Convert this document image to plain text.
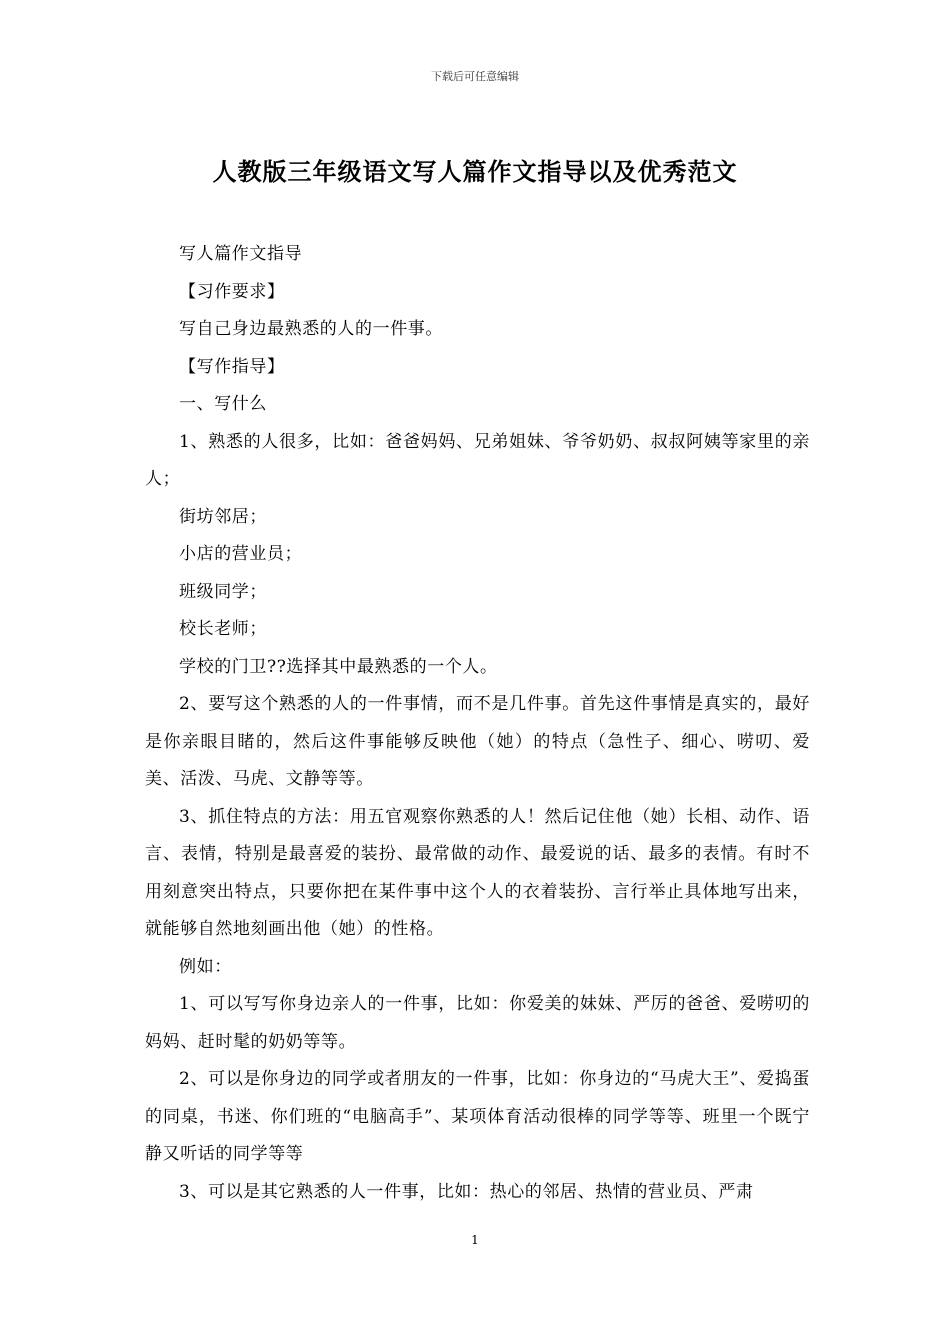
下载后可任意编辑
人教版三年级语文写人篇作文指导以及优秀范文

写人篇作文指导

【习作要求】

写自己身边最熟悉的人的一件事。

【写作指导】

一、写什么

1、熟悉的人很多，比如：爸爸妈妈、兄弟姐妹、爷爷奶奶、叔叔阿姨等家里的亲人；

街坊邻居；

小店的营业员；

班级同学；

校长老师；

学校的门卫??选择其中最熟悉的一个人。

2、要写这个熟悉的人的一件事情，而不是几件事。首先这件事情是真实的，最好是你亲眼目睹的，然后这件事能够反映他（她）的特点（急性子、细心、唠叨、爱美、活泼、马虎、文静等等。

3、抓住特点的方法：用五官观察你熟悉的人！然后记住他（她）长相、动作、语言、表情，特别是最喜爱的装扮、最常做的动作、最爱说的话、最多的表情。有时不用刻意突出特点，只要你把在某件事中这个人的衣着装扮、言行举止具体地写出来，就能够自然地刻画出他（她）的性格。

例如：

1、可以写写你身边亲人的一件事，比如：你爱美的妹妹、严厉的爸爸、爱唠叨的妈妈、赶时髦的奶奶等等。

2、可以是你身边的同学或者朋友的一件事，比如：你身边的“马虎大王”、爱捣蛋的同桌，书迷、你们班的“电脑高手”、某项体育活动很棒的同学等等、班里一个既宁静又听话的同学等等

3、可以是其它熟悉的人一件事，比如：热心的邻居、热情的营业员、严肃

1
